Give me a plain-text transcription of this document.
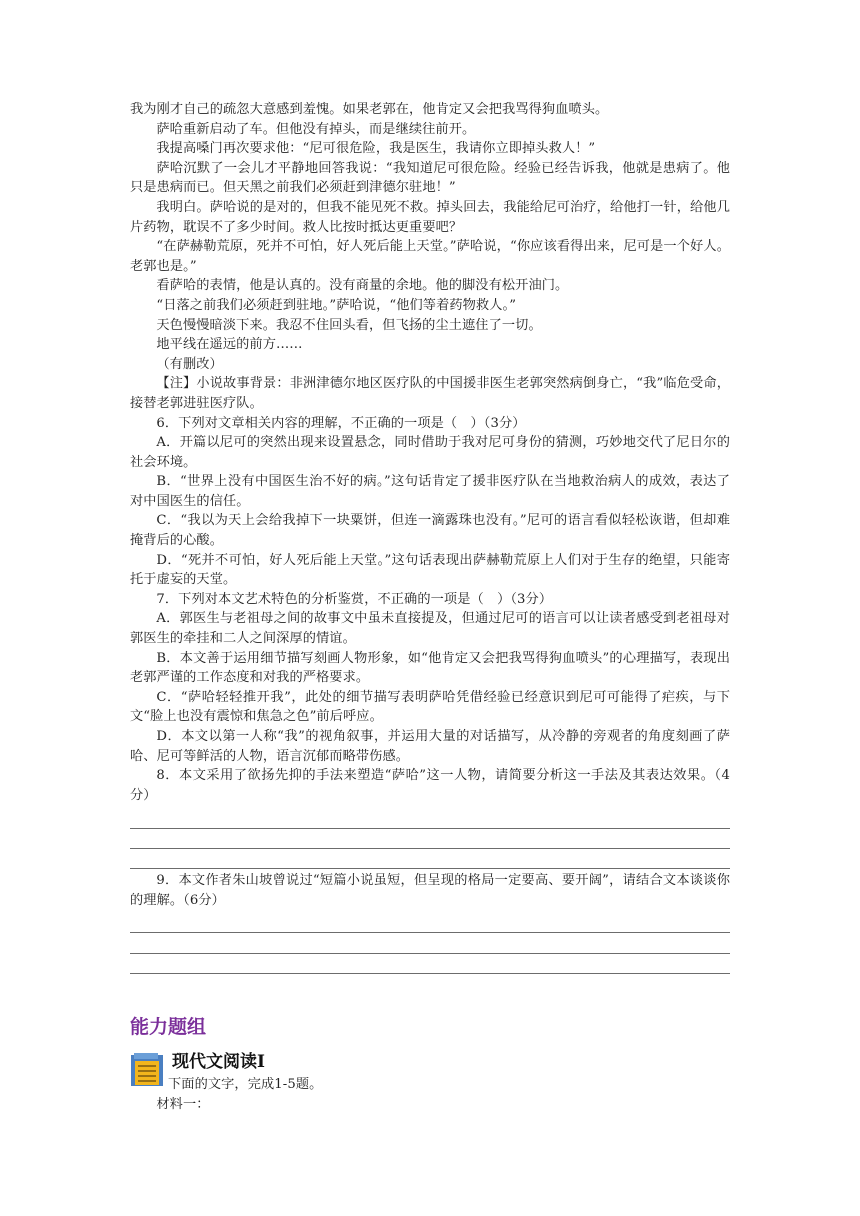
我为刚才自己的疏忽大意感到羞愧。如果老郭在，他肯定又会把我骂得狗血喷头。

萨哈重新启动了车。但他没有掉头，而是继续往前开。

我提高嗓门再次要求他：“尼可很危险，我是医生，我请你立即掉头救人！”

萨哈沉默了一会儿才平静地回答我说：“我知道尼可很危险。经验已经告诉我，他就是患病了。他只是患病而已。但天黑之前我们必须赶到津德尔驻地！”

我明白。萨哈说的是对的，但我不能见死不救。掉头回去，我能给尼可治疗，给他打一针，给他几片药物，耽误不了多少时间。救人比按时抵达更重要吧？

“在萨赫勒荒原，死并不可怕，好人死后能上天堂。”萨哈说，“你应该看得出来，尼可是一个好人。老郭也是。”

看萨哈的表情，他是认真的。没有商量的余地。他的脚没有松开油门。

“日落之前我们必须赶到驻地。”萨哈说，“他们等着药物救人。”

天色慢慢暗淡下来。我忍不住回头看，但飞扬的尘土遮住了一切。

地平线在遥远的前方……

（有删改）

【注】小说故事背景：非洲津德尔地区医疗队的中国援非医生老郭突然病倒身亡，“我”临危受命，接替老郭进驻医疗队。

6．下列对文章相关内容的理解，不正确的一项是（　）（3分）

A．开篇以尼可的突然出现来设置悬念，同时借助于我对尼可身份的猜测，巧妙地交代了尼日尔的社会环境。

B．“世界上没有中国医生治不好的病。”这句话肯定了援非医疗队在当地救治病人的成效，表达了对中国医生的信任。

C．“我以为天上会给我掉下一块粟饼，但连一滴露珠也没有。”尼可的语言看似轻松诙谐，但却难掩背后的心酸。

D．“死并不可怕，好人死后能上天堂。”这句话表现出萨赫勒荒原上人们对于生存的绝望，只能寄托于虚妄的天堂。

7．下列对本文艺术特色的分析鉴赏，不正确的一项是（　）（3分）

A．郭医生与老祖母之间的故事文中虽未直接提及，但通过尼可的语言可以让读者感受到老祖母对郭医生的牵挂和二人之间深厚的情谊。

B．本文善于运用细节描写刻画人物形象，如“他肯定又会把我骂得狗血喷头”的心理描写，表现出老郭严谨的工作态度和对我的严格要求。

C．“萨哈轻轻推开我”，此处的细节描写表明萨哈凭借经验已经意识到尼可可能得了疟疾，与下文“脸上也没有震惊和焦急之色”前后呼应。

D．本文以第一人称“我”的视角叙事，并运用大量的对话描写，从冷静的旁观者的角度刻画了萨哈、尼可等鲜活的人物，语言沉郁而略带伤感。

8．本文采用了欲扬先抑的手法来塑造“萨哈”这一人物，请简要分析这一手法及其表达效果。（4分）

9．本文作者朱山坡曾说过“短篇小说虽短，但呈现的格局一定要高、要开阔”，请结合文本谈谈你的理解。（6分）

能力题组
现代文阅读Ⅰ

下面的文字，完成1-5题。

材料一：
